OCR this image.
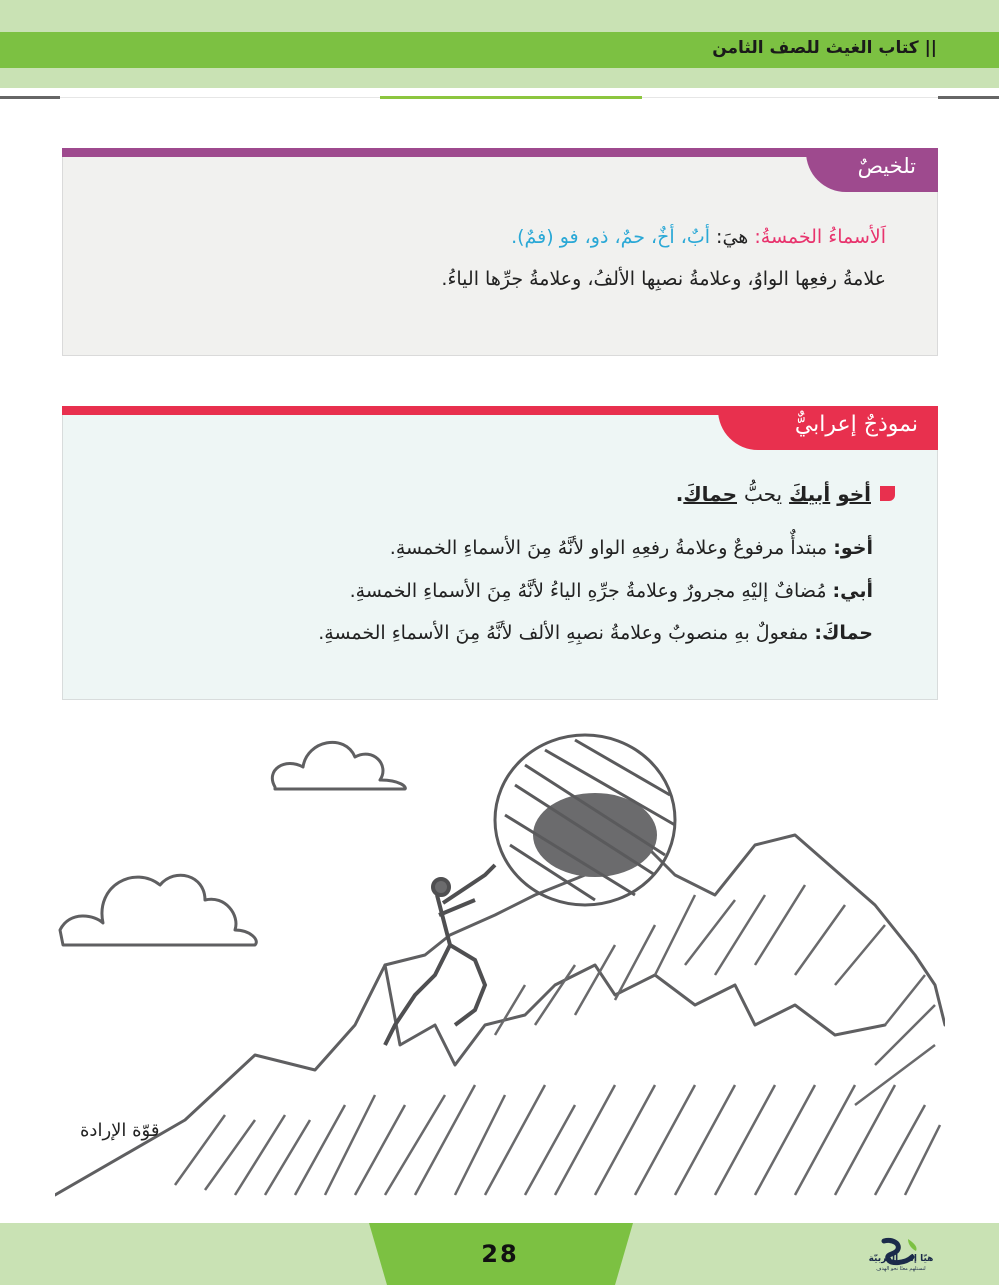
|| كتاب الغيث للصف الثامن
تلخيصٌ
اَلأسماءُ الخمسةُ: هيَ: أبٌ، أخٌ، حمٌ، ذو، فو (فمٌ).
علامةُ رفعِها الواوُ، وعلامةُ نصبِها الألفُ، وعلامةُ جرِّها الياءُ.
نموذجٌ إعرابيٌّ
أخو أبيكَ يحبُّ حماكَ.
أخو: مبتدأٌ مرفوعٌ وعلامةُ رفعِهِ الواو لأنَّهُ مِنَ الأسماءِ الخمسةِ.
أبي: مُضافٌ إليْهِ مجرورٌ وعلامةُ جرِّهِ الياءُ لأنَّهُ مِنَ الأسماءِ الخمسةِ.
حماكَ: مفعولٌ بهِ منصوبٌ وعلامةُ نصبِهِ الألف لأنَّهُ مِنَ الأسماءِ الخمسةِ.
قوّة الإرادة
28	هيّا إلى العربيّة
لنستلهم معنًا نحو الهدف
